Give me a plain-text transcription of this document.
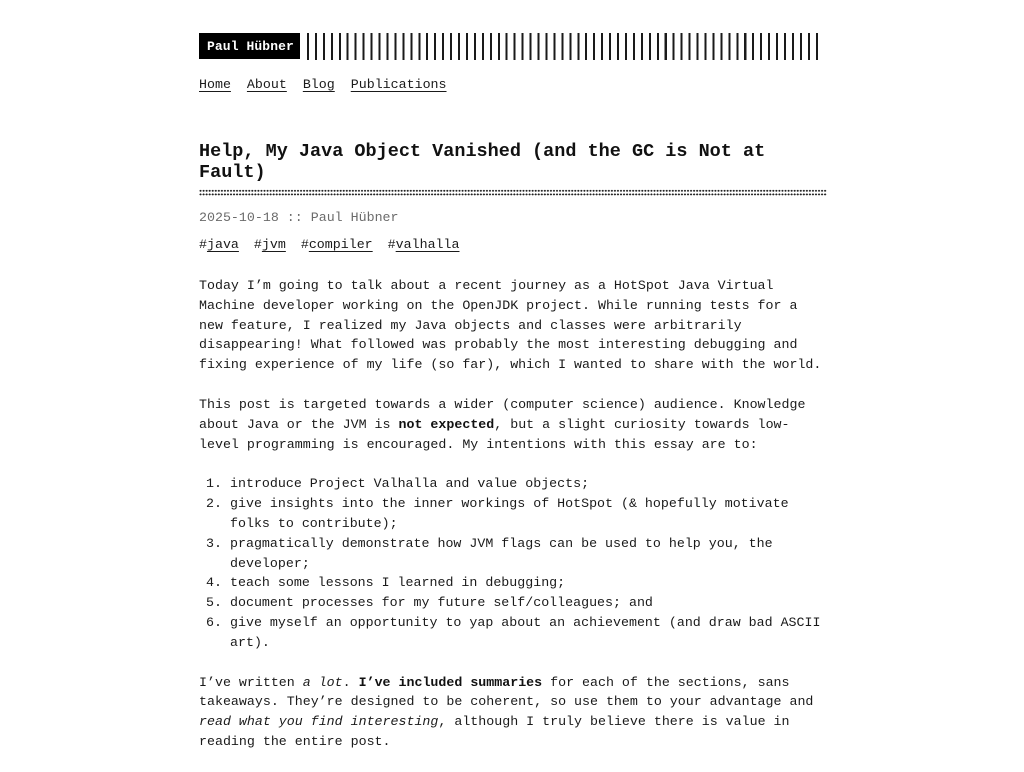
Paul Hübner
Home About Blog Publications
Help, My Java Object Vanished (and the GC is Not at Fault)
2025-10-18 :: Paul Hübner
#java #jvm #compiler #valhalla

Today I’m going to talk about a recent journey as a HotSpot Java Virtual Machine developer working on the OpenJDK project. While running tests for a new feature, I realized my Java objects and classes were arbitrarily disappearing! What followed was probably the most interesting debugging and fixing experience of my life (so far), which I wanted to share with the world.

This post is targeted towards a wider (computer science) audience. Knowledge about Java or the JVM is not expected, but a slight curiosity towards low-level programming is encouraged. My intentions with this essay are to:

1. introduce Project Valhalla and value objects;
2. give insights into the inner workings of HotSpot (& hopefully motivate folks to contribute);
3. pragmatically demonstrate how JVM flags can be used to help you, the developer;
4. teach some lessons I learned in debugging;
5. document processes for my future self/colleagues; and
6. give myself an opportunity to yap about an achievement (and draw bad ASCII art).

I’ve written a lot. I’ve included summaries for each of the sections, sans takeaways. They’re designed to be coherent, so use them to your advantage and read what you find interesting, although I truly believe there is value in reading the entire post.
